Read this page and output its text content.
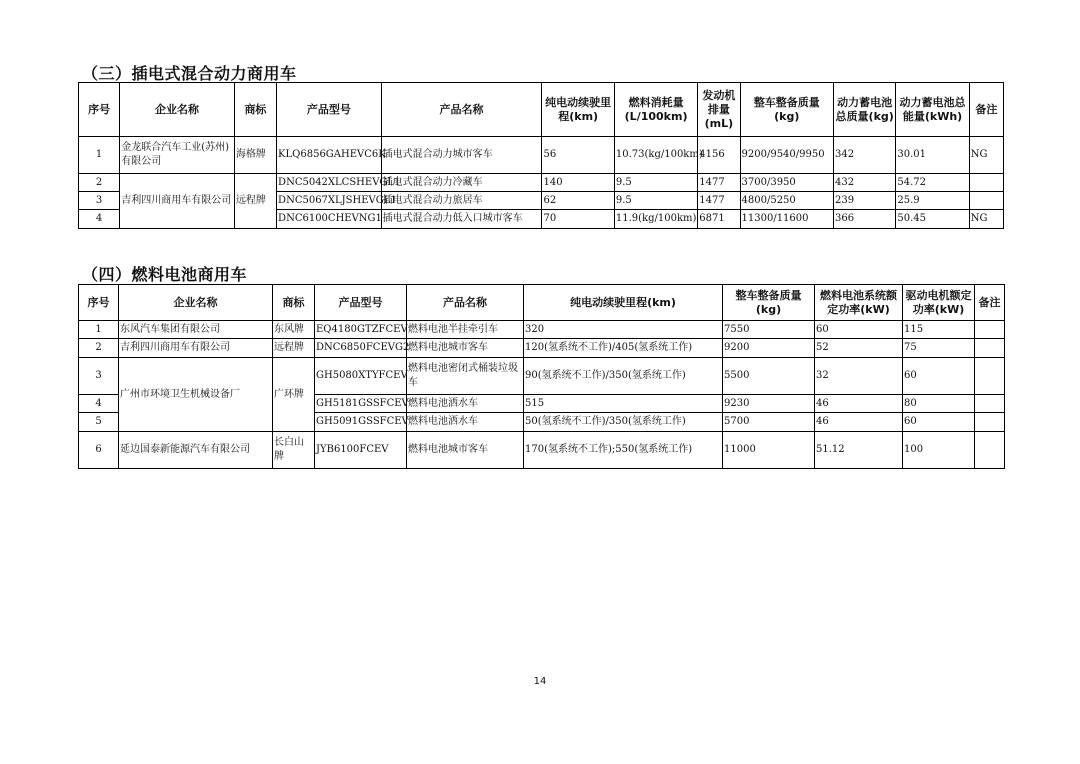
（三）插电式混合动力商用车
序号	企业名称	商标	产品型号	产品名称	纯电动续驶里程(km)	燃料消耗量(L/100km)	发动机排量(mL)	整车整备质量(kg)	动力蓄电池总质量(kg)	动力蓄电池总能量(kWh)	备注
1	金龙联合汽车工业(苏州)有限公司	海格牌	KLQ6856GAHEVC6K	插电式混合动力城市客车	56	10.73(kg/100km)	4156	9200/9540/9950	342	30.01	NG
2	吉利四川商用车有限公司	远程牌	DNC5042XLCSHEVGL1	插电式混合动力冷藏车	140	9.5	1477	3700/3950	432	54.72	
3			DNC5067XLJSHEVGL1	插电式混合动力旅居车	62	9.5	1477	4800/5250	239	25.9	
4			DNC6100CHEVNG1	插电式混合动力低入口城市客车	70	11.9(kg/100km)	6871	11300/11600	366	50.45	NG
（四）燃料电池商用车
序号	企业名称	商标	产品型号	产品名称	纯电动续驶里程(km)	整车整备质量(kg)	燃料电池系统额定功率(kW)	驱动电机额定功率(kW)	备注
1	东风汽车集团有限公司	东风牌	EQ4180GTZFCEV	燃料电池半挂牵引车	320	7550	60	115	
2	吉利四川商用车有限公司	远程牌	DNC6850FCEVG2	燃料电池城市客车	120(氢系统不工作)/405(氢系统工作)	9200	52	75	
3	广州市环境卫生机械设备厂	广环牌	GH5080XTYFCEV	燃料电池密闭式桶装垃圾车	90(氢系统不工作)/350(氢系统工作)	5500	32	60	
4			GH5181GSSFCEV	燃料电池洒水车	515	9230	46	80	
5			GH5091GSSFCEV	燃料电池洒水车	50(氢系统不工作)/350(氢系统工作)	5700	46	60	
6	延边国泰新能源汽车有限公司	长白山牌	JYB6100FCEV	燃料电池城市客车	170(氢系统不工作);550(氢系统工作)	11000	51.12	100	
14
